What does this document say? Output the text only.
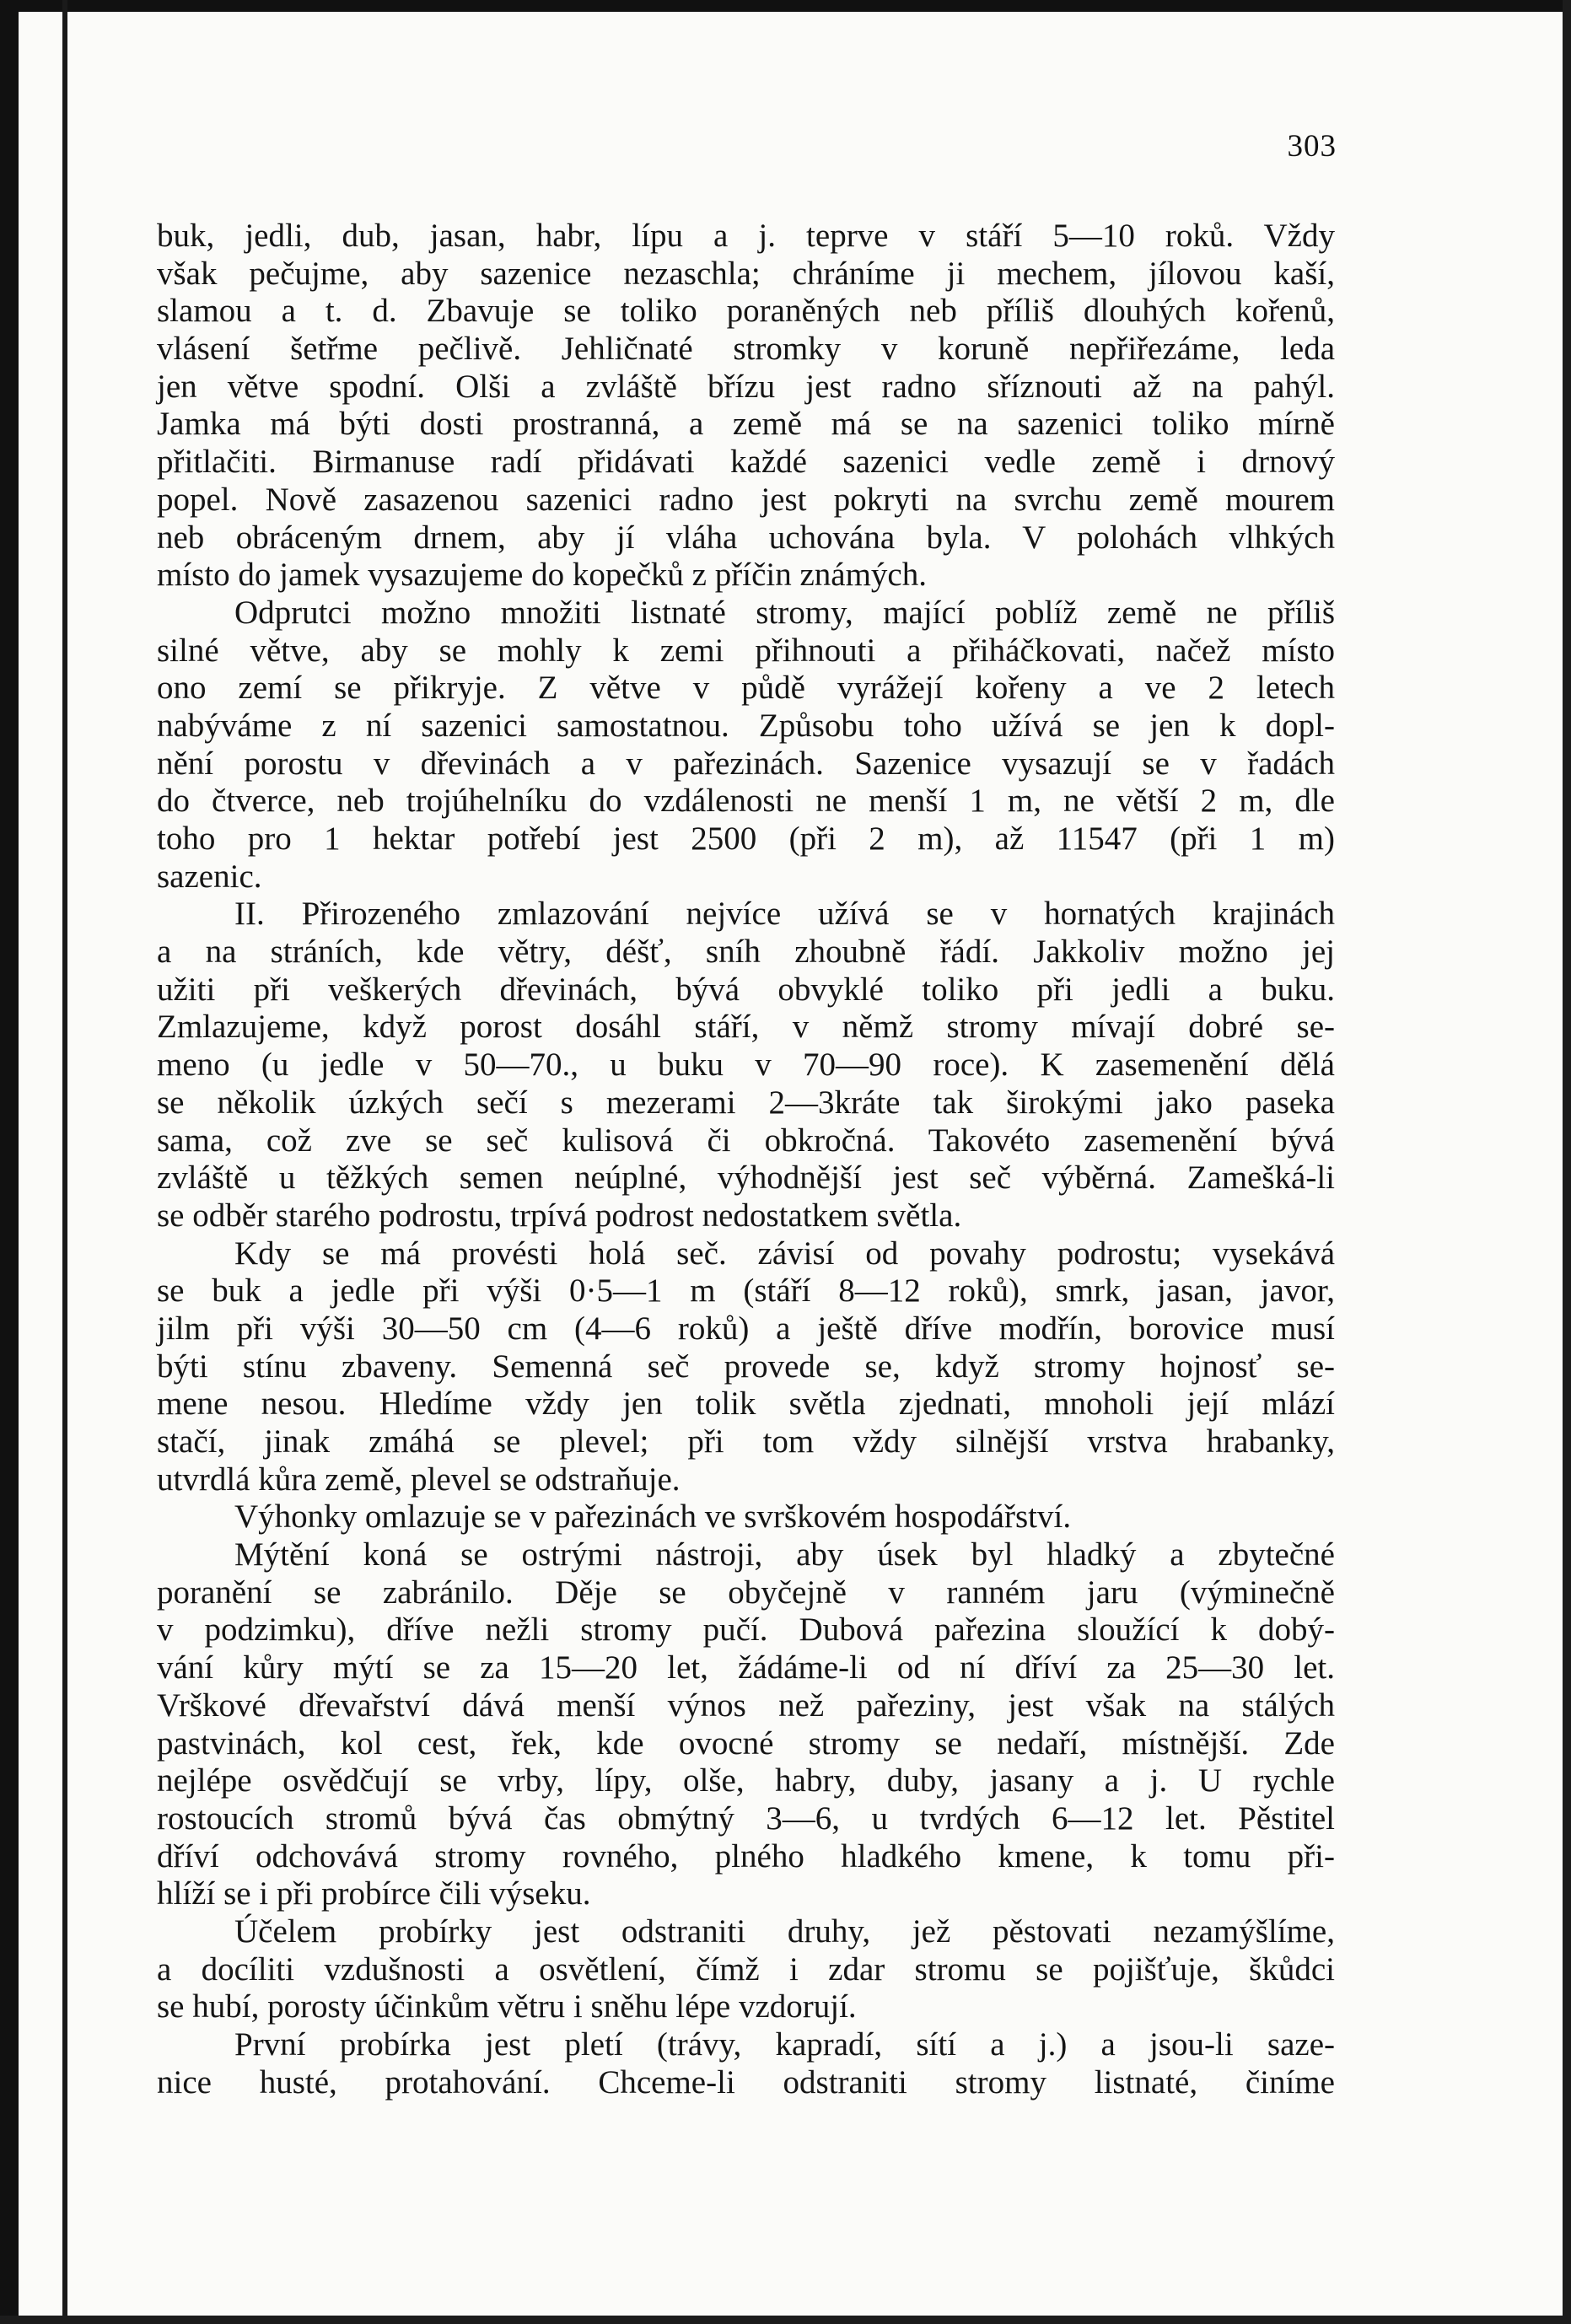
303
buk, jedli, dub, jasan, habr, lípu a j. teprve v stáří 5—10 roků. Vždy
však pečujme, aby sazenice nezaschla; chráníme ji mechem, jílovou kaší,
slamou a t. d. Zbavuje se toliko poraněných neb příliš dlouhých kořenů,
vlásení šetřme pečlivě. Jehličnaté stromky v koruně nepřiřezáme, leda
jen větve spodní. Olši a zvláště břízu jest radno sříznouti až na pahýl.
Jamka má býti dosti prostranná, a země má se na sazenici toliko mírně
přitlačiti. Birmanuse radí přidávati každé sazenici vedle země i drnový
popel. Nově zasazenou sazenici radno jest pokryti na svrchu země mourem
neb obráceným drnem, aby jí vláha uchována byla. V polohách vlhkých
místo do jamek vysazujeme do kopečků z příčin známých.
Odprutci možno množiti listnaté stromy, mající poblíž země ne příliš
silné větve, aby se mohly k zemi přihnouti a přiháčkovati, načež místo
ono zemí se přikryje. Z větve v půdě vyrážejí kořeny a ve 2 letech
nabýváme z ní sazenici samostatnou. Způsobu toho užívá se jen k dopl-
nění porostu v dřevinách a v pařezinách. Sazenice vysazují se v řadách
do čtverce, neb trojúhelníku do vzdálenosti ne menší 1 m, ne větší 2 m, dle
toho pro 1 hektar potřebí jest 2500 (při 2 m), až 11547 (při 1 m)
sazenic.
II. Přirozeného zmlazování nejvíce užívá se v hornatých krajinách
a na stráních, kde větry, déšť, sníh zhoubně řádí. Jakkoliv možno jej
užiti při veškerých dřevinách, bývá obvyklé toliko při jedli a buku.
Zmlazujeme, když porost dosáhl stáří, v němž stromy mívají dobré se-
meno (u jedle v 50—70., u buku v 70—90 roce). K zasemenění dělá
se několik úzkých sečí s mezerami 2—3kráte tak širokými jako paseka
sama, což zve se seč kulisová či obkročná. Takovéto zasemenění bývá
zvláště u těžkých semen neúplné, výhodnější jest seč výběrná. Zamešká-li
se odběr starého podrostu, trpívá podrost nedostatkem světla.
Kdy se má provésti holá seč. závisí od povahy podrostu; vysekává
se buk a jedle při výši 0·5—1 m (stáří 8—12 roků), smrk, jasan, javor,
jilm při výši 30—50 cm (4—6 roků) a ještě dříve modřín, borovice musí
býti stínu zbaveny. Semenná seč provede se, když stromy hojnosť se-
mene nesou. Hledíme vždy jen tolik světla zjednati, mnoholi její mlází
stačí, jinak zmáhá se plevel; při tom vždy silnější vrstva hrabanky,
utvrdlá kůra země, plevel se odstraňuje.
Výhonky omlazuje se v pařezinách ve svrškovém hospodářství.
Mýtění koná se ostrými nástroji, aby úsek byl hladký a zbytečné
poranění se zabránilo. Děje se obyčejně v ranném jaru (výminečně
v podzimku), dříve nežli stromy pučí. Dubová pařezina sloužící k dobý-
vání kůry mýtí se za 15—20 let, žádáme-li od ní dříví za 25—30 let.
Vrškové dřevařství dává menší výnos než pařeziny, jest však na stálých
pastvinách, kol cest, řek, kde ovocné stromy se nedaří, místnější. Zde
nejlépe osvědčují se vrby, lípy, olše, habry, duby, jasany a j. U rychle
rostoucích stromů bývá čas obmýtný 3—6, u tvrdých 6—12 let. Pěstitel
dříví odchovává stromy rovného, plného hladkého kmene, k tomu při-
hlíží se i při probírce čili výseku.
Účelem probírky jest odstraniti druhy, jež pěstovati nezamýšlíme,
a docíliti vzdušnosti a osvětlení, čímž i zdar stromu se pojišťuje, škůdci
se hubí, porosty účinkům větru i sněhu lépe vzdorují.
První probírka jest pletí (trávy, kapradí, sítí a j.) a jsou-li saze-
nice husté, protahování. Chceme-li odstraniti stromy listnaté, činíme
